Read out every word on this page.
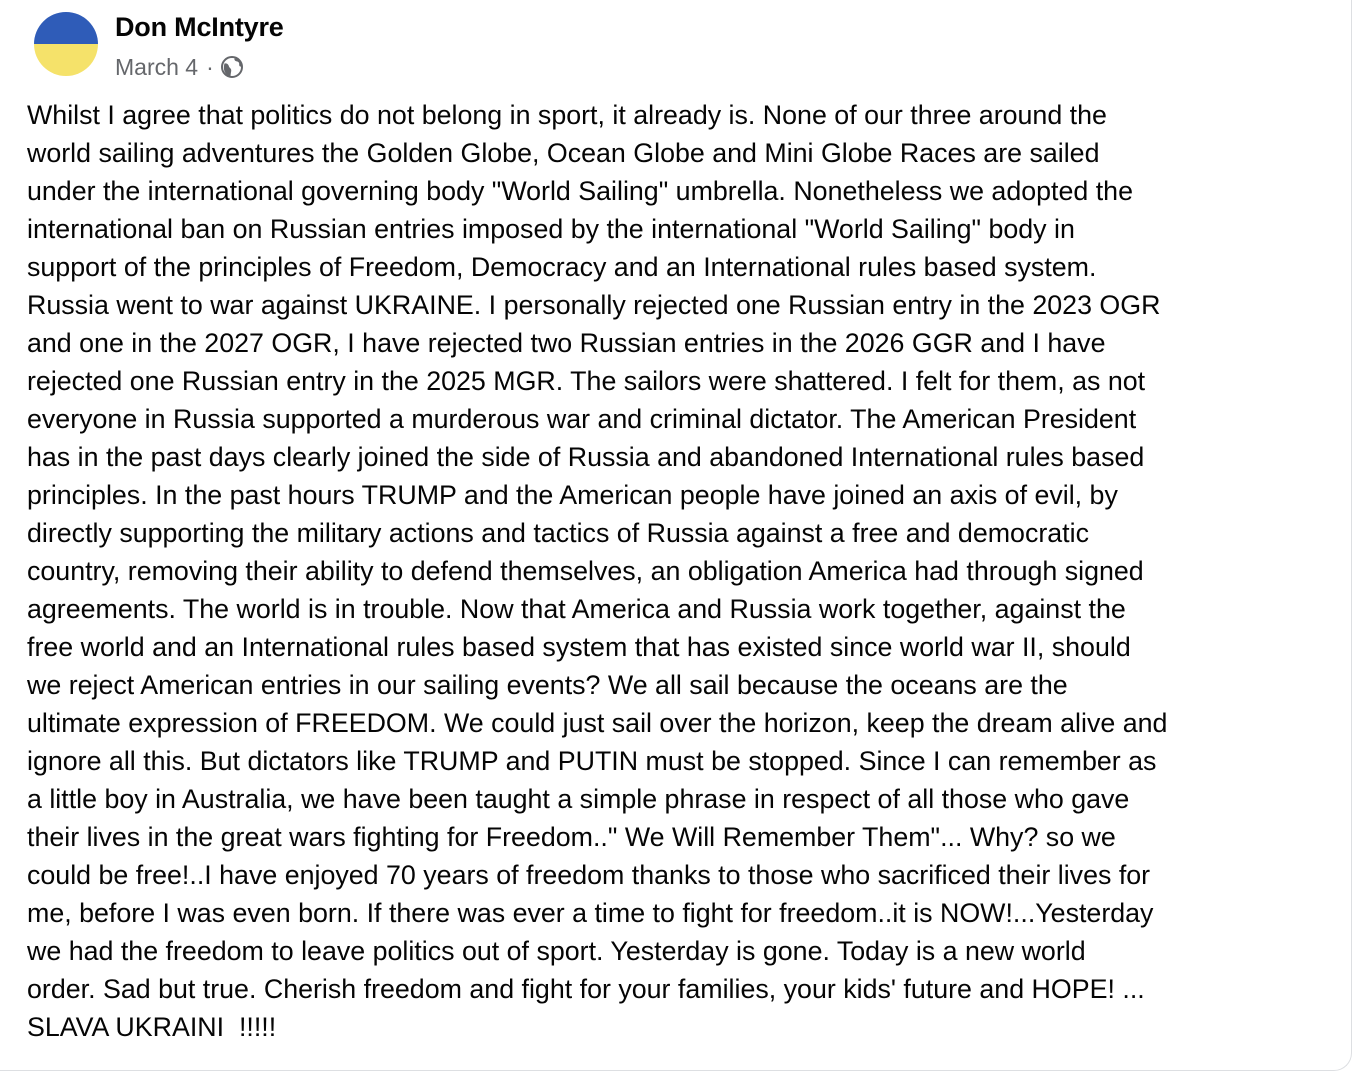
Don McIntyre
March 4 ·
Whilst I agree that politics do not belong in sport, it already is. None of our three around the
world sailing adventures the Golden Globe, Ocean Globe and Mini Globe Races are sailed
under the international governing body "World Sailing" umbrella. Nonetheless we adopted the
international ban on Russian entries imposed by the international "World Sailing" body in
support of the principles of Freedom, Democracy and an International rules based system.
Russia went to war against UKRAINE. I personally rejected one Russian entry in the 2023 OGR
and one in the 2027 OGR, I have rejected two Russian entries in the 2026 GGR and I have
rejected one Russian entry in the 2025 MGR. The sailors were shattered. I felt for them, as not
everyone in Russia supported a murderous war and criminal dictator. The American President
has in the past days clearly joined the side of Russia and abandoned International rules based
principles. In the past hours TRUMP and the American people have joined an axis of evil, by
directly supporting the military actions and tactics of Russia against a free and democratic
country, removing their ability to defend themselves, an obligation America had through signed
agreements. The world is in trouble. Now that America and Russia work together, against the
free world and an International rules based system that has existed since world war II, should
we reject American entries in our sailing events? We all sail because the oceans are the
ultimate expression of FREEDOM. We could just sail over the horizon, keep the dream alive and
ignore all this. But dictators like TRUMP and PUTIN must be stopped. Since I can remember as
a little boy in Australia, we have been taught a simple phrase in respect of all those who gave
their lives in the great wars fighting for Freedom.." We Will Remember Them"... Why? so we
could be free!..I have enjoyed 70 years of freedom thanks to those who sacrificed their lives for
me, before I was even born. If there was ever a time to fight for freedom..it is NOW!...Yesterday
we had the freedom to leave politics out of sport. Yesterday is gone. Today is a new world
order. Sad but true. Cherish freedom and fight for your families, your kids' future and HOPE! ...
SLAVA UKRAINI  !!!!!
